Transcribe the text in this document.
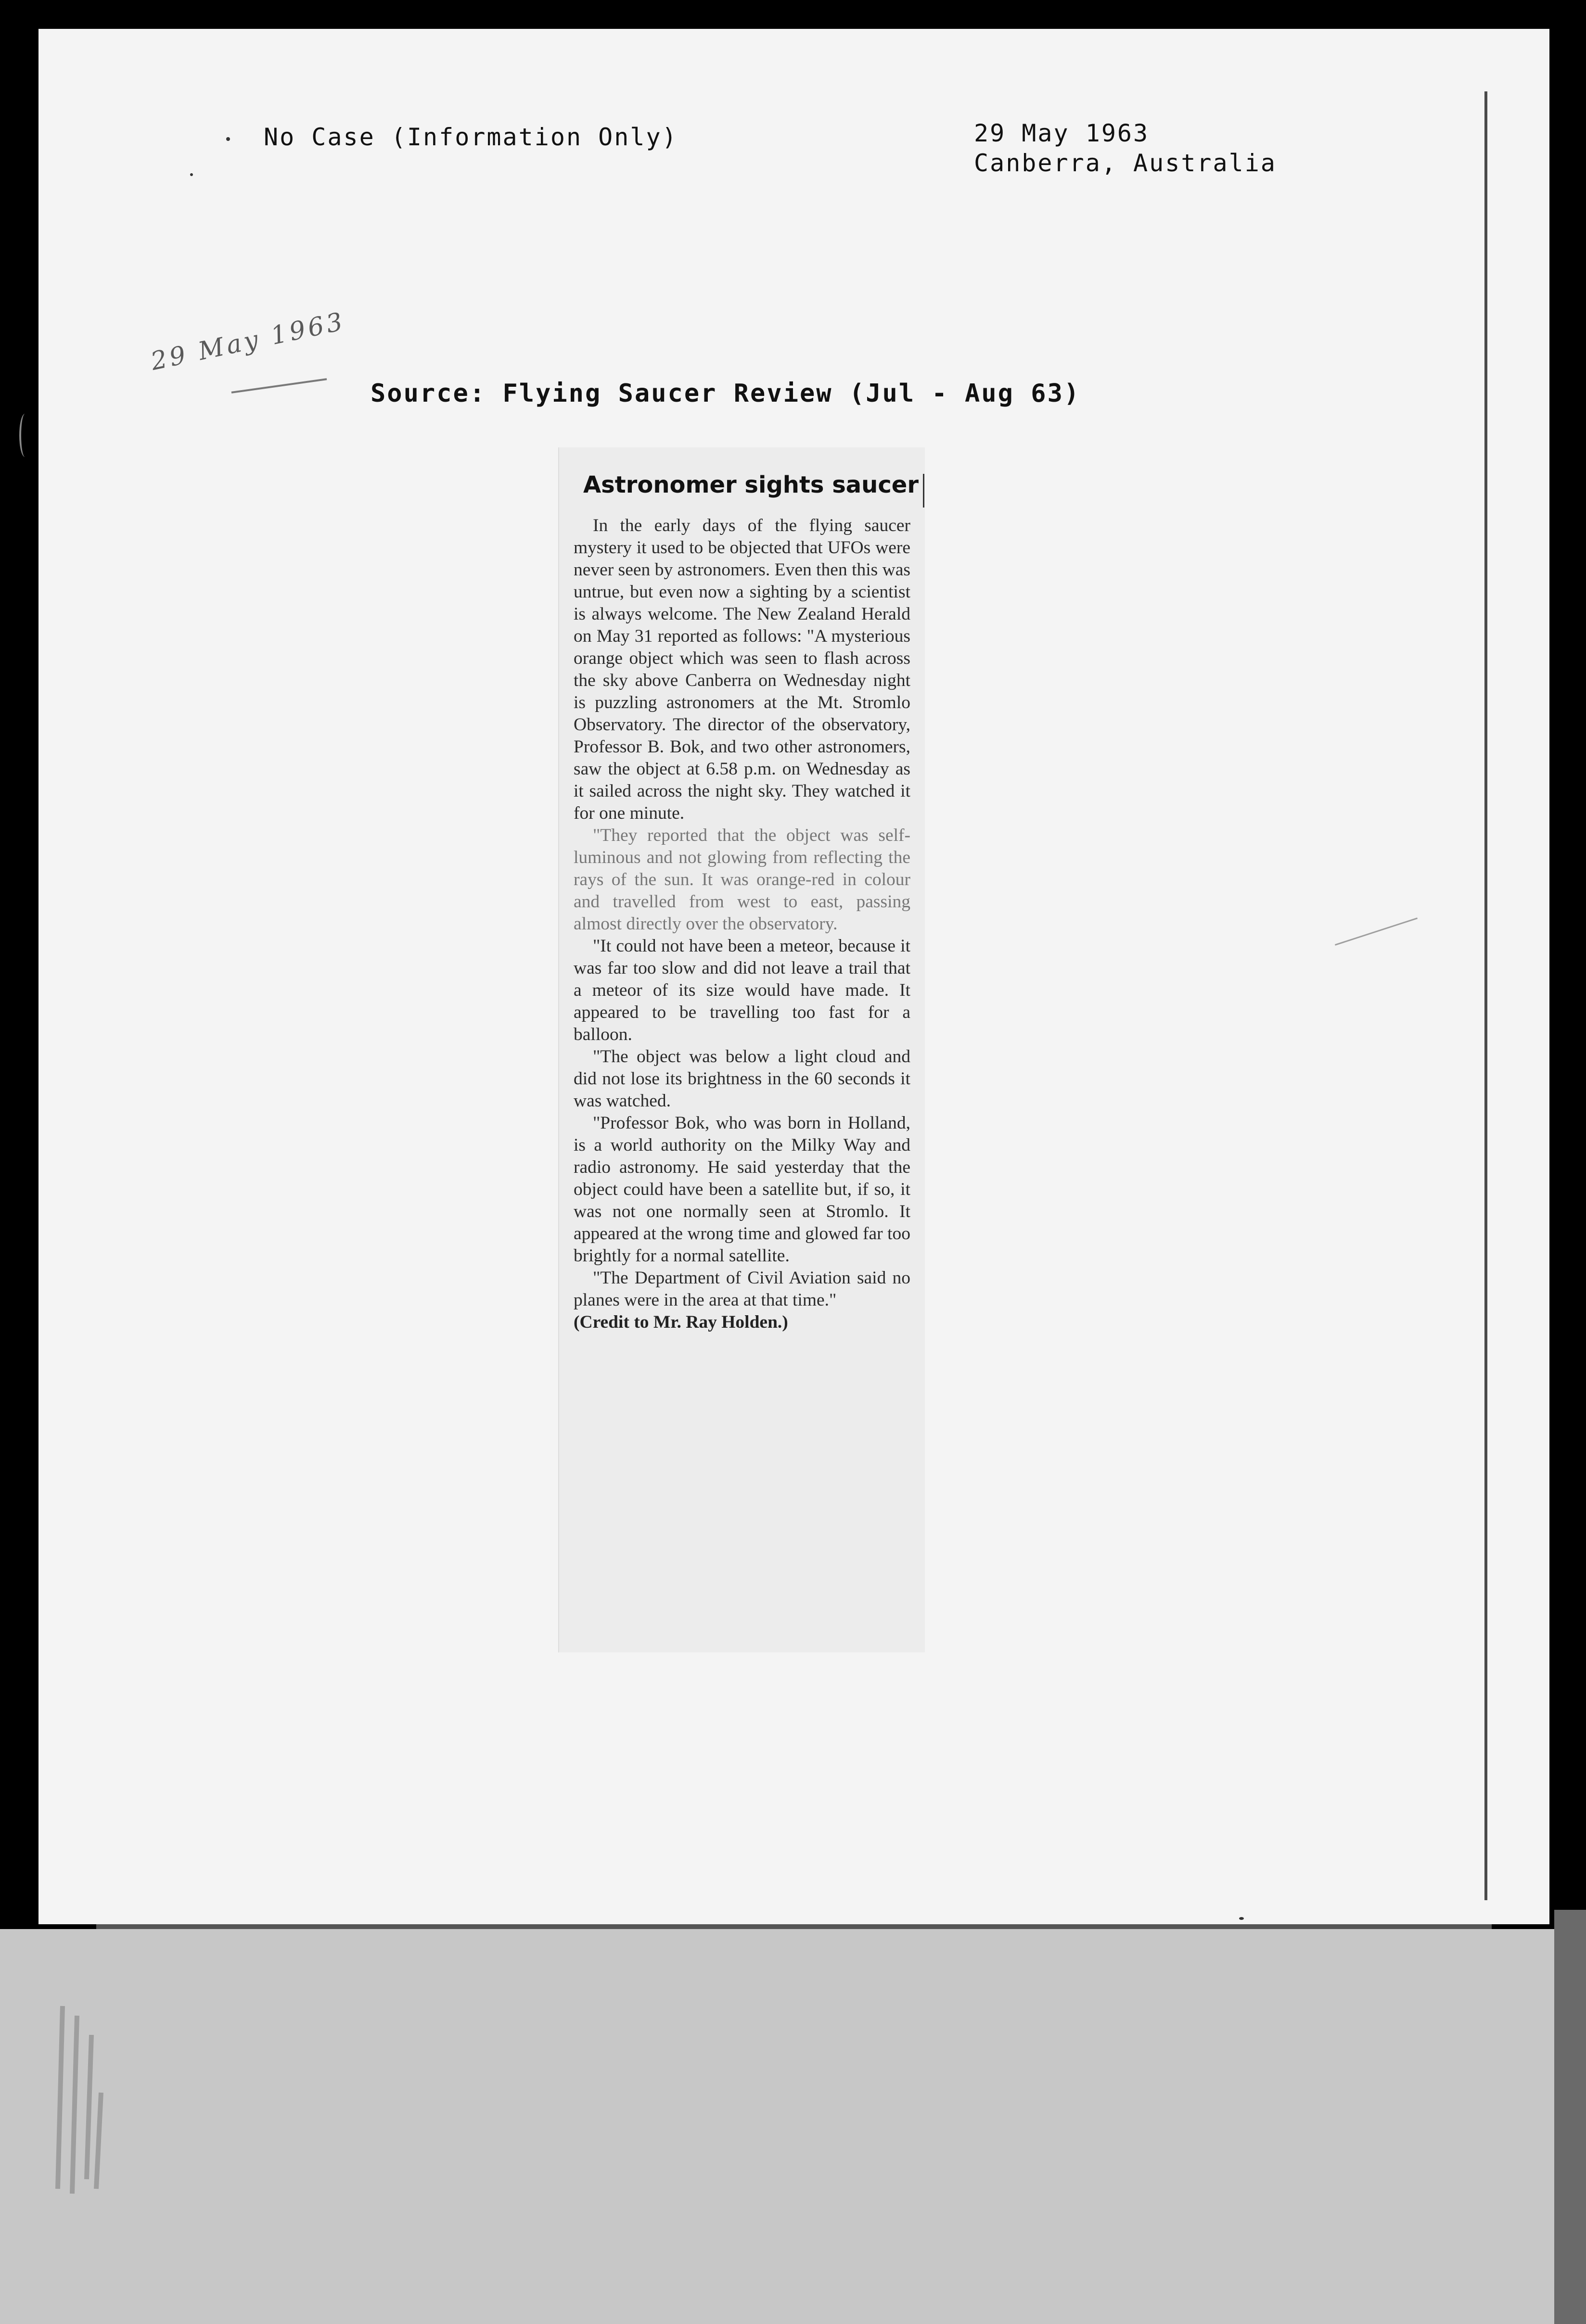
No Case (Information Only)	29 May 1963
Canberra, Australia
29 May 1963
Source: Flying Saucer Review (Jul - Aug 63)
Astronomer sights saucer

In the early days of the flying saucer mystery it used to be objected that UFOs were never seen by astronomers. Even then this was untrue, but even now a sighting by a scientist is always welcome. The New Zealand Herald on May 31 reported as follows: "A mysterious orange object which was seen to flash across the sky above Canberra on Wednesday night is puzzling astronomers at the Mt. Stromlo Observatory. The director of the observatory, Professor B. Bok, and two other astronomers, saw the object at 6.58 p.m. on Wednesday as it sailed across the night sky. They watched it for one minute.

"They reported that the object was self-luminous and not glowing from reflecting the rays of the sun. It was orange-red in colour and travelled from west to east, passing almost directly over the observatory.

"It could not have been a meteor, because it was far too slow and did not leave a trail that a meteor of its size would have made. It appeared to be travelling too fast for a balloon.

"The object was below a light cloud and did not lose its brightness in the 60 seconds it was watched.

"Professor Bok, who was born in Holland, is a world authority on the Milky Way and radio astronomy. He said yesterday that the object could have been a satellite but, if so, it was not one normally seen at Stromlo. It appeared at the wrong time and glowed far too brightly for a normal satellite.

"The Department of Civil Aviation said no planes were in the area at that time."

(Credit to Mr. Ray Holden.)
